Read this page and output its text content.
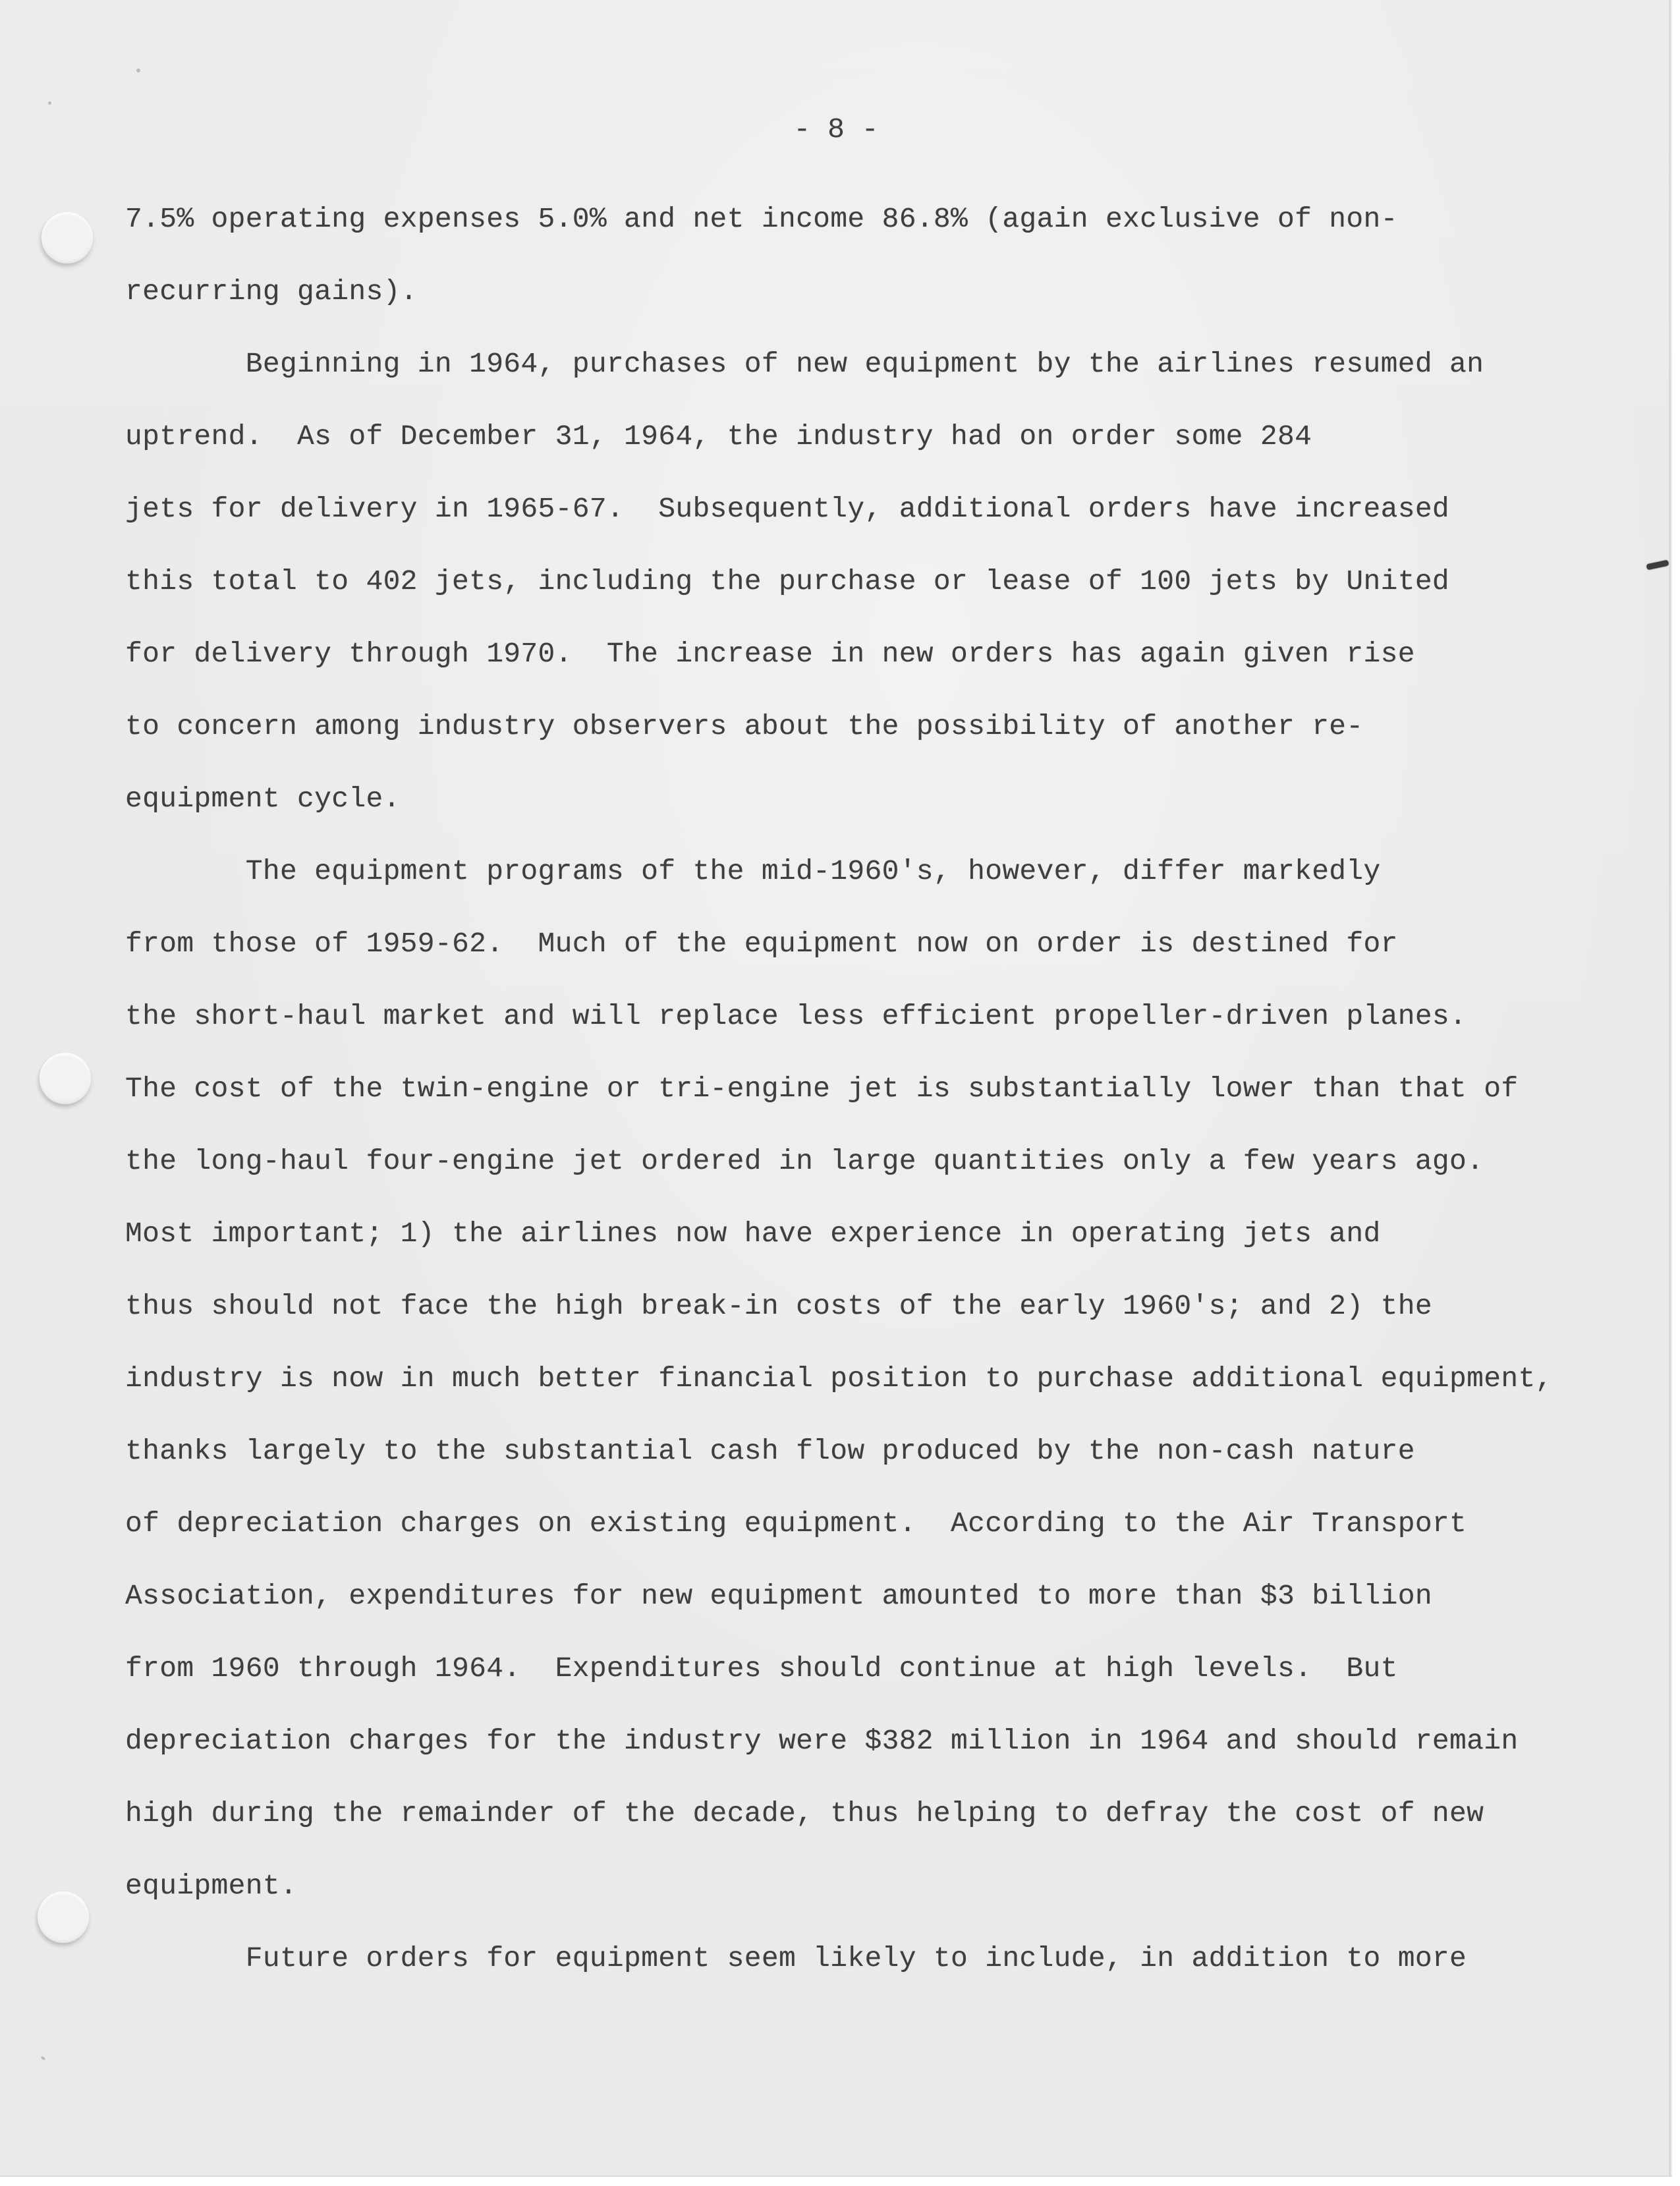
- 8 -
7.5% operating expenses 5.0% and net income 86.8% (again exclusive of non-
recurring gains).
Beginning in 1964, purchases of new equipment by the airlines resumed an
uptrend.  As of December 31, 1964, the industry had on order some 284
jets for delivery in 1965-67.  Subsequently, additional orders have increased
this total to 402 jets, including the purchase or lease of 100 jets by United
for delivery through 1970.  The increase in new orders has again given rise
to concern among industry observers about the possibility of another re-
equipment cycle.
The equipment programs of the mid-1960's, however, differ markedly
from those of 1959-62.  Much of the equipment now on order is destined for
the short-haul market and will replace less efficient propeller-driven planes.
The cost of the twin-engine or tri-engine jet is substantially lower than that of
the long-haul four-engine jet ordered in large quantities only a few years ago.
Most important; 1) the airlines now have experience in operating jets and
thus should not face the high break-in costs of the early 1960's; and 2) the
industry is now in much better financial position to purchase additional equipment,
thanks largely to the substantial cash flow produced by the non-cash nature
of depreciation charges on existing equipment.  According to the Air Transport
Association, expenditures for new equipment amounted to more than $3 billion
from 1960 through 1964.  Expenditures should continue at high levels.  But
depreciation charges for the industry were $382 million in 1964 and should remain
high during the remainder of the decade, thus helping to defray the cost of new
equipment.
Future orders for equipment seem likely to include, in addition to more
